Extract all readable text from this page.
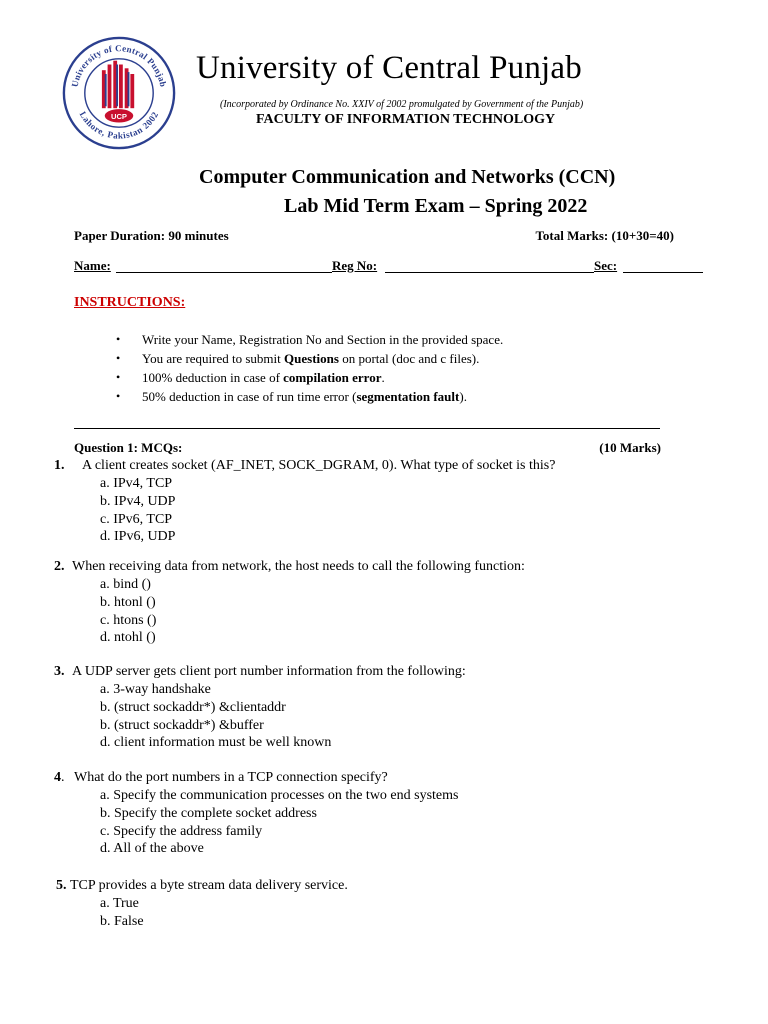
University of Central Punjab
Lahore, Pakistan 2002
UCP
University of Central Punjab
(Incorporated by Ordinance No. XXIV of 2002 promulgated by Government of the Punjab)
FACULTY OF INFORMATION TECHNOLOGY
Computer Communication and Networks (CCN)
Lab Mid Term Exam – Spring 2022
Paper Duration: 90 minutes	Total Marks: (10+30=40)
Name:	Reg No:	Sec:
INSTRUCTIONS:
• Write your Name, Registration No and Section in the provided space.
• You are required to submit Questions on portal (doc and c files).
• 100% deduction in case of compilation error.
• 50% deduction in case of run time error (segmentation fault).
Question 1: MCQs:	(10 Marks)
1. A client creates socket (AF_INET, SOCK_DGRAM, 0). What type of socket is this?
a. IPv4, TCP
b. IPv4, UDP
c. IPv6, TCP
d. IPv6, UDP
2. When receiving data from network, the host needs to call the following function:
a. bind ()
b. htonl ()
c. htons ()
d. ntohl ()
3. A UDP server gets client port number information from the following:
a. 3-way handshake
b. (struct sockaddr*) &clientaddr
b. (struct sockaddr*) &buffer
d. client information must be well known
4. What do the port numbers in a TCP connection specify?
a. Specify the communication processes on the two end systems
b. Specify the complete socket address
c. Specify the address family
d. All of the above
5. TCP provides a byte stream data delivery service.
a. True
b. False
